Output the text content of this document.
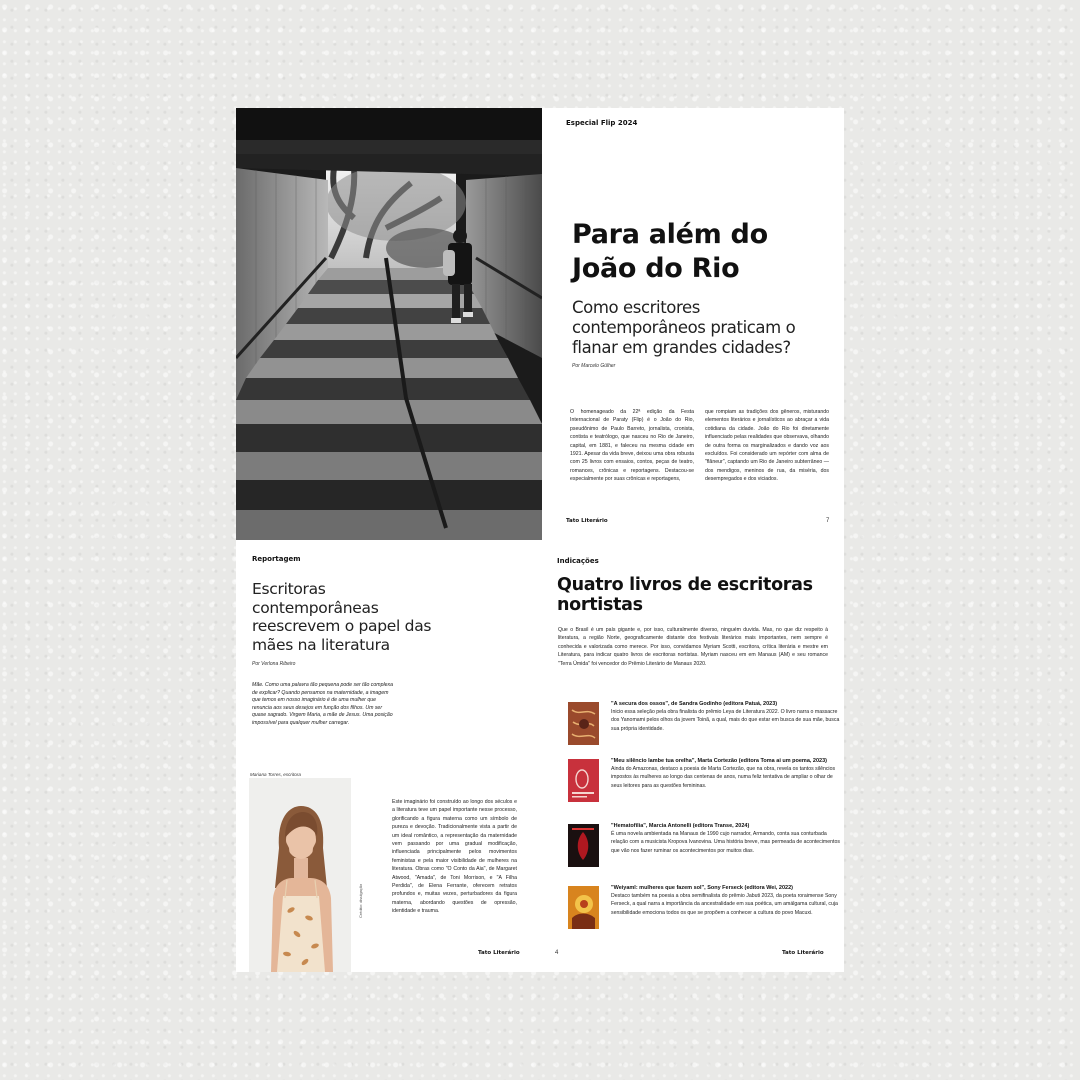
Especial Flip 2024
Para além do João do Rio
Como escritores contemporâneos praticam o flanar em grandes cidades?
Por Marcelo Gülher
O homenageado da 22ª edição da Festa Internacional de Paraty (Flip) é o João do Rio, pseudônimo de Paulo Barreto, jornalista, cronista, contista e teatrólogo, que nasceu no Rio de Janeiro, capital, em 1881, e faleceu na mesma cidade em 1921. Apesar da vida breve, deixou uma obra robusta com 25 livros com ensaios, contos, peças de teatro, romances, crônicas e reportagens. Destacou-se especialmente por suas crônicas e reportagens,
que rompiam as tradições dos gêneros, misturando elementos literários e jornalísticos ao abraçar a vida cotidiana da cidade. João do Rio foi diretamente influenciado pelas realidades que observava, olhando de outra forma os marginalizados e dando voz aos excluídos. Foi considerado um repórter com alma de "flâneur", captando um Rio de Janeiro subterrâneo — dos mendigos, meninos de rua, da miséria, dos desempregados e dos viciados.
Tato Literário	7
Reportagem
Escritoras contemporâneas reescrevem o papel das mães na literatura
Por Verlona Ribeiro
Mãe. Como uma palavra tão pequena pode ser tão complexa de explicar? Quando pensamos na maternidade, a imagem que temos em nosso imaginário é de uma mulher que renuncia aos seus desejos em função dos filhos. Um ser quase sagrado. Virgem Maria, a mãe de Jesus. Uma posição impossível para qualquer mulher carregar.
Mariana Torres, escritora
Crédito: divulgação
Este imaginário foi construído ao longo dos séculos e a literatura teve um papel importante nesse processo, glorificando a figura materna como um símbolo de pureza e devoção. Tradicionalmente vista a partir de um ideal romântico, a representação da maternidade vem passando por uma gradual modificação, influenciada principalmente pelos movimentos feministas e pela maior visibilidade de mulheres na literatura. Obras como "O Conto da Aia", de Margaret Atwood, "Amada", de Toni Morrison, e "A Filha Perdida", de Elena Ferrante, oferecem retratos profundos e, muitas vezes, perturbadores da figura materna, abordando questões de opressão, identidade e trauma.
Tato Literário	4
Indicações
Quatro livros de escritoras nortistas
Que o Brasil é um país gigante e, por isso, culturalmente diverso, ninguém duvida. Mas, no que diz respeito à literatura, a região Norte, geograficamente distante dos festivais literários mais importantes, nem sempre é conhecida e valorizada como merece. Por isso, convidamos Myriam Scotti, escritora, crítica literária e mestre em Literatura, para indicar quatro livros de escritoras nortistas. Myriam nasceu em em Manaus (AM) e seu romance "Terra Úmida" foi vencedor do Prêmio Literário de Manaus 2020.
"A secura dos ossos", de Sandra Godinho (editora Patuá, 2023)
Inicio essa seleção pela obra finalista do prêmio Leya de Literatura 2022. O livro narra o massacre dos Yanomami pelos olhos da jovem Toinã, a qual, mais do que estar em busca de sua mãe, busca sua própria identidade.
"Meu silêncio lambe tua orelha", Marta Cortezão (editora Toma ai um poema, 2023)
Ainda do Amazonas, destaco a poesia de Marta Cortezão, que na obra, revela os tantos silêncios impostos às mulheres ao longo das centenas de anos, numa feliz tentativa de ampliar o olhar de seus leitores para as questões femininas.
"Hematofilia", Marcia Antonelli (editora Transe, 2024)
É uma novela ambientada na Manaus de 1990 cujo narrador, Armando, conta sua conturbada relação com a musicista Kropova Ivanovina. Uma história breve, mas permeada de acontecimentos que vão nos fazer ruminar os acontecimentos por muitos dias.
"Weiyamî: mulheres que fazem sol", Sony Ferseck (editora Wei, 2022)
Destaco também na poesia a obra semifinalista do prêmio Jabuti 2023, da poeta roraimense Sony Ferseck, a qual narra a importância da ancestralidade em sua poética, um amálgama cultural, cuja sensibilidade emociona todos os que se propõem a conhecer a cultura do povo Macuxi.
Tato Literário
